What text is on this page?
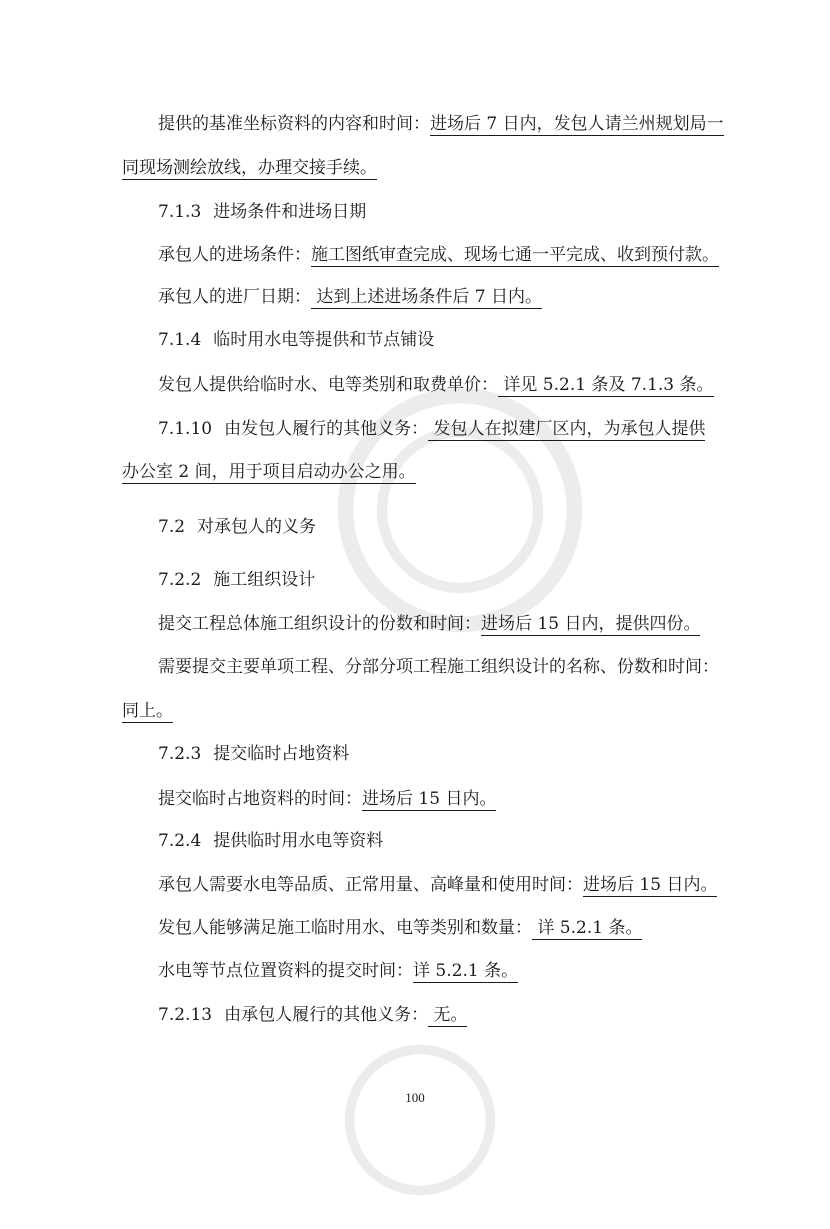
提供的基准坐标资料的内容和时间：进场后 7 日内，发包人请兰州规划局一
同现场测绘放线，办理交接手续。
7.1.3 进场条件和进场日期
承包人的进场条件：施工图纸审查完成、现场七通一平完成、收到预付款。
承包人的进厂日期： 达到上述进场条件后 7 日内。
7.1.4 临时用水电等提供和节点铺设
发包人提供给临时水、电等类别和取费单价： 详见 5.2.1 条及 7.1.3 条。
7.1.10 由发包人履行的其他义务： 发包人在拟建厂区内，为承包人提供
办公室 2 间，用于项目启动办公之用。
7.2 对承包人的义务
7.2.2 施工组织设计
提交工程总体施工组织设计的份数和时间：进场后 15 日内，提供四份。
需要提交主要单项工程、分部分项工程施工组织设计的名称、份数和时间：
同上。
7.2.3 提交临时占地资料
提交临时占地资料的时间：进场后 15 日内。
7.2.4 提供临时用水电等资料
承包人需要水电等品质、正常用量、高峰量和使用时间：进场后 15 日内。
发包人能够满足施工临时用水、电等类别和数量： 详 5.2.1 条。
水电等节点位置资料的提交时间：详 5.2.1 条。
7.2.13 由承包人履行的其他义务： 无。
100
